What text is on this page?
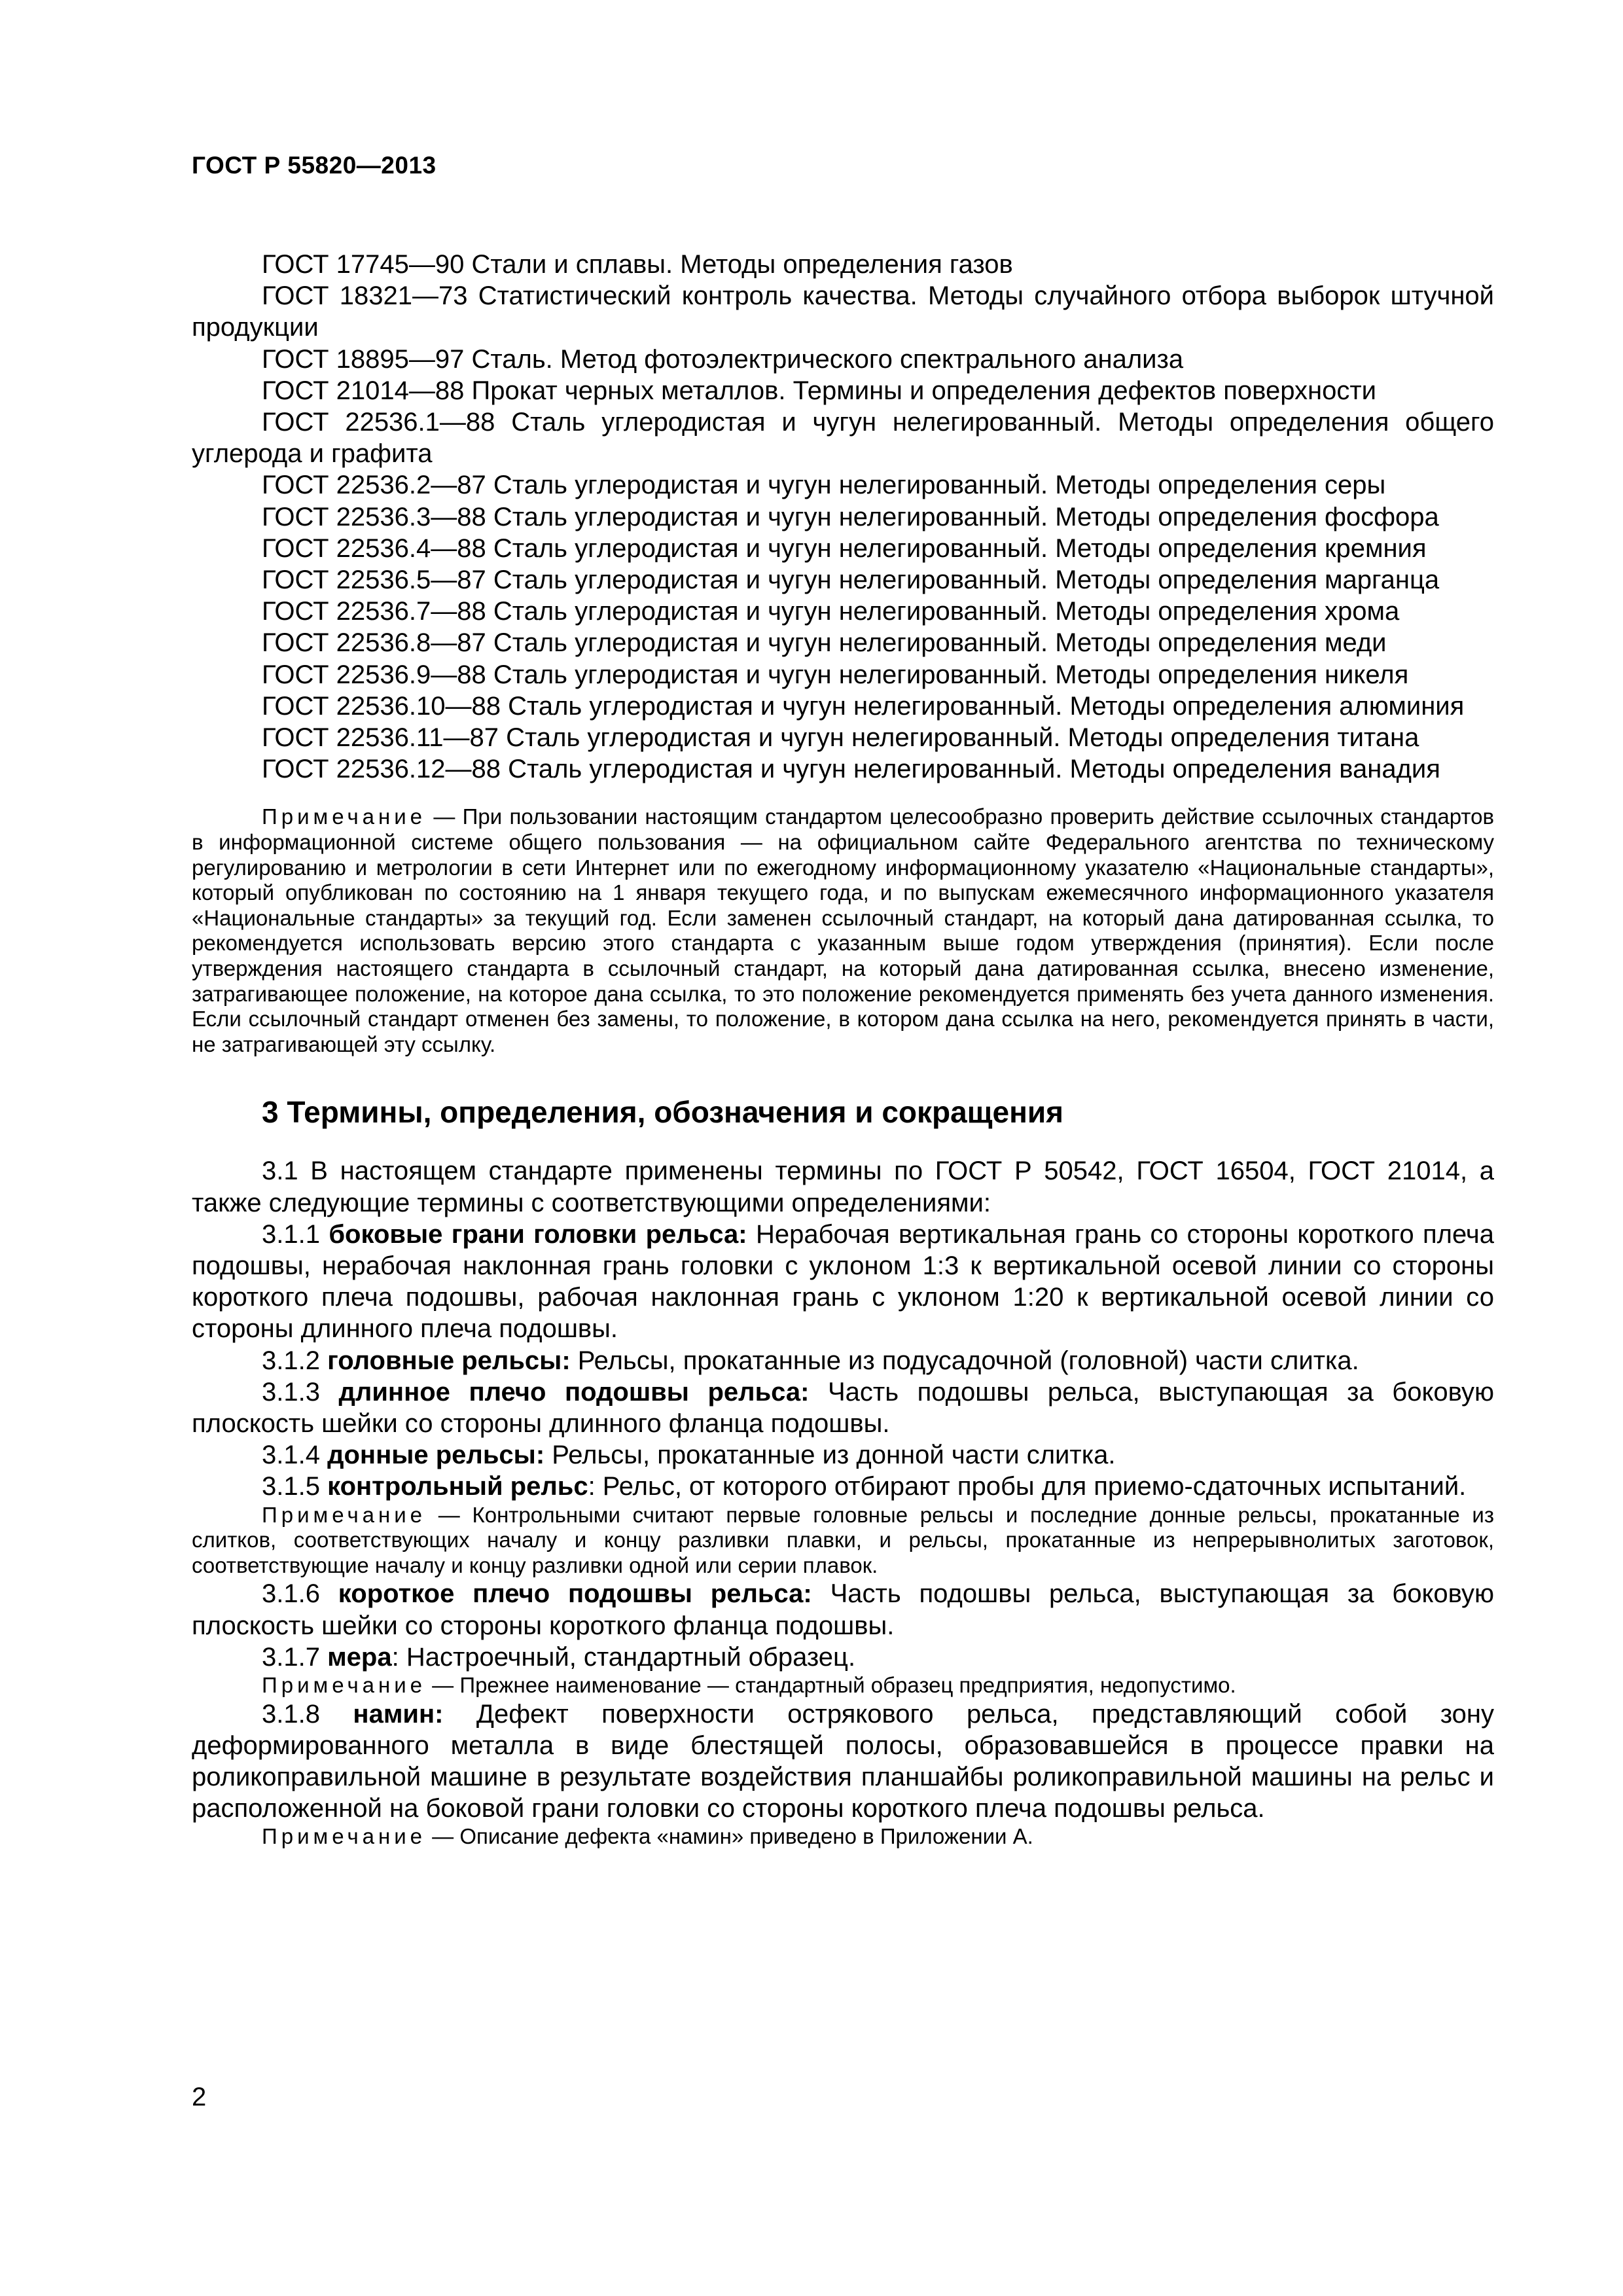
ГОСТ Р 55820—2013

ГОСТ 17745—90 Стали и сплавы. Методы определения газов

ГОСТ 18321—73 Статистический контроль качества. Методы случайного отбора выборок штучной продукции

ГОСТ 18895—97 Сталь. Метод фотоэлектрического спектрального анализа

ГОСТ 21014—88 Прокат черных металлов. Термины и определения дефектов поверхности

ГОСТ 22536.1—88 Сталь углеродистая и чугун нелегированный. Методы определения общего углерода и графита

ГОСТ 22536.2—87 Сталь углеродистая и чугун нелегированный. Методы определения серы

ГОСТ 22536.3—88 Сталь углеродистая и чугун нелегированный. Методы определения фосфора

ГОСТ 22536.4—88 Сталь углеродистая и чугун нелегированный. Методы определения кремния

ГОСТ 22536.5—87 Сталь углеродистая и чугун нелегированный. Методы определения марганца

ГОСТ 22536.7—88 Сталь углеродистая и чугун нелегированный. Методы определения хрома

ГОСТ 22536.8—87 Сталь углеродистая и чугун нелегированный. Методы определения меди

ГОСТ 22536.9—88 Сталь углеродистая и чугун нелегированный. Методы определения никеля

ГОСТ 22536.10—88 Сталь углеродистая и чугун нелегированный. Методы определения алюминия

ГОСТ 22536.11—87 Сталь углеродистая и чугун нелегированный. Методы определения титана

ГОСТ 22536.12—88 Сталь углеродистая и чугун нелегированный. Методы определения ванадия

Примечание — При пользовании настоящим стандартом целесообразно проверить действие ссылочных стандартов в информационной системе общего пользования — на официальном сайте Федерального агентства по техническому регулированию и метрологии в сети Интернет или по ежегодному информационному указателю «Национальные стандарты», который опубликован по состоянию на 1 января текущего года, и по выпускам ежемесячного информационного указателя «Национальные стандарты» за текущий год. Если заменен ссылочный стандарт, на который дана датированная ссылка, то рекомендуется использовать версию этого стандарта с указанным выше годом утверждения (принятия). Если после утверждения настоящего стандарта в ссылочный стандарт, на который дана датированная ссылка, внесено изменение, затрагивающее положение, на которое дана ссылка, то это положение рекомендуется применять без учета данного изменения. Если ссылочный стандарт отменен без замены, то положение, в котором дана ссылка на него, рекомендуется принять в части, не затрагивающей эту ссылку.

3 Термины, определения, обозначения и сокращения

3.1 В настоящем стандарте применены термины по ГОСТ Р 50542, ГОСТ 16504, ГОСТ 21014, а также следующие термины с соответствующими определениями:

3.1.1 боковые грани головки рельса: Нерабочая вертикальная грань со стороны короткого плеча подошвы, нерабочая наклонная грань головки с уклоном 1:3 к вертикальной осевой линии со стороны короткого плеча подошвы, рабочая наклонная грань с уклоном 1:20 к вертикальной осевой линии со стороны длинного плеча подошвы.

3.1.2 головные рельсы: Рельсы, прокатанные из подусадочной (головной) части слитка.

3.1.3 длинное плечо подошвы рельса: Часть подошвы рельса, выступающая за боковую плоскость шейки со стороны длинного фланца подошвы.

3.1.4 донные рельсы: Рельсы, прокатанные из донной части слитка.

3.1.5 контрольный рельс: Рельс, от которого отбирают пробы для приемо-сдаточных испытаний.

Примечание — Контрольными считают первые головные рельсы и последние донные рельсы, прокатанные из слитков, соответствующих началу и концу разливки плавки, и рельсы, прокатанные из непрерывнолитых заготовок, соответствующие началу и концу разливки одной или серии плавок.

3.1.6 короткое плечо подошвы рельса: Часть подошвы рельса, выступающая за боковую плоскость шейки со стороны короткого фланца подошвы.

3.1.7 мера: Настроечный, стандартный образец.

Примечание — Прежнее наименование — стандартный образец предприятия, недопустимо.

3.1.8 намин: Дефект поверхности острякового рельса, представляющий собой зону деформированного металла в виде блестящей полосы, образовавшейся в процессе правки на роликоправильной машине в результате воздействия планшайбы роликоправильной машины на рельс и расположенной на боковой грани головки со стороны короткого плеча подошвы рельса.

Примечание — Описание дефекта «намин» приведено в Приложении А.

2
